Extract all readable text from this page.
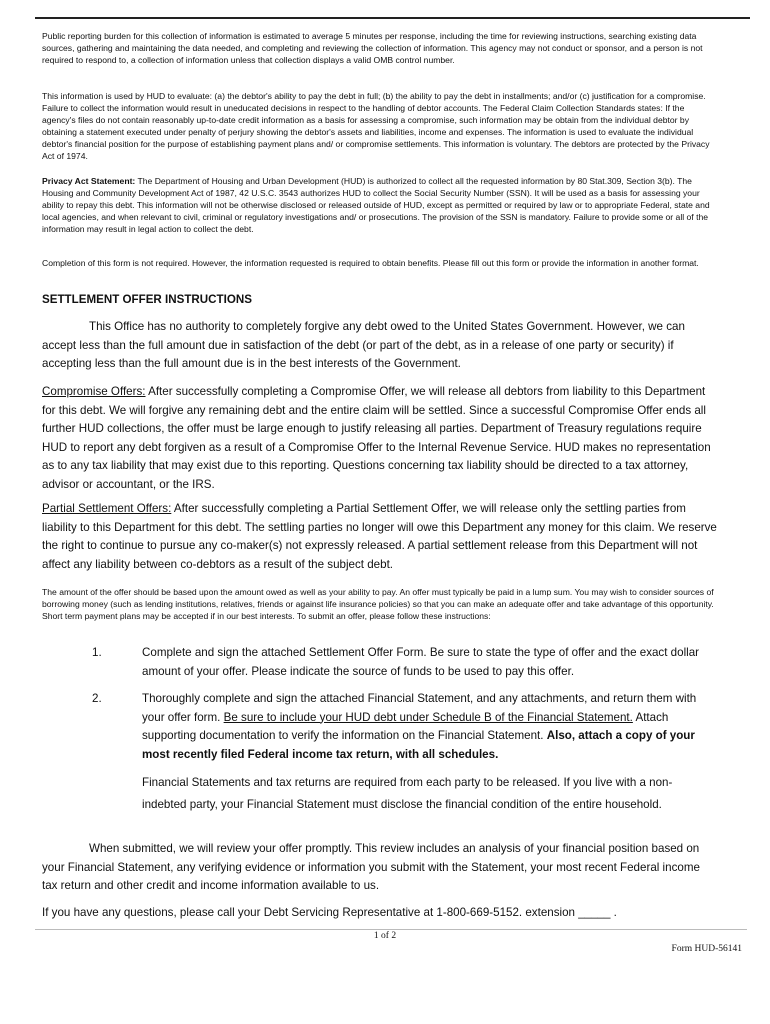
Public reporting burden for this collection of information is estimated to average 5 minutes per response, including the time for reviewing instructions, searching existing data sources, gathering and maintaining the data needed, and completing and reviewing the collection of information. This agency may not conduct or sponsor, and a person is not required to respond to, a collection of information unless that collection displays a valid OMB control number.
This information is used by HUD to evaluate: (a) the debtor's ability to pay the debt in full; (b) the ability to pay the debt in installments; and/or (c) justification for a compromise. Failure to collect the information would result in uneducated decisions in respect to the handling of debtor accounts. The Federal Claim Collection Standards states: If the agency's files do not contain reasonably up-to-date credit information as a basis for assessing a compromise, such information may be obtain from the individual debtor by obtaining a statement executed under penalty of perjury showing the debtor's assets and liabilities, income and expenses. The information is used to evaluate the individual debtor's financial position for the purpose of establishing payment plans and/ or compromise settlements. This information is voluntary. The debtors are protected by the Privacy Act of 1974.
Privacy Act Statement: The Department of Housing and Urban Development (HUD) is authorized to collect all the requested information by 80 Stat.309, Section 3(b). The Housing and Community Development Act of 1987, 42 U.S.C. 3543 authorizes HUD to collect the Social Security Number (SSN). It will be used as a basis for assessing your ability to repay this debt. This information will not be otherwise disclosed or released outside of HUD, except as permitted or required by law or to appropriate Federal, state and local agencies, and when relevant to civil, criminal or regulatory investigations and/ or prosecutions. The provision of the SSN is mandatory. Failure to provide some or all of the information may result in legal action to collect the debt.
Completion of this form is not required. However, the information requested is required to obtain benefits. Please fill out this form or provide the information in another format.
SETTLEMENT OFFER INSTRUCTIONS
This Office has no authority to completely forgive any debt owed to the United States Government. However, we can accept less than the full amount due in satisfaction of the debt (or part of the debt, as in a release of one party or security) if accepting less than the full amount due is in the best interests of the Government.
Compromise Offers: After successfully completing a Compromise Offer, we will release all debtors from liability to this Department for this debt. We will forgive any remaining debt and the entire claim will be settled. Since a successful Compromise Offer ends all further HUD collections, the offer must be large enough to justify releasing all parties. Department of Treasury regulations require HUD to report any debt forgiven as a result of a Compromise Offer to the Internal Revenue Service. HUD makes no representation as to any tax liability that may exist due to this reporting. Questions concerning tax liability should be directed to a tax attorney, advisor or accountant, or the IRS.
Partial Settlement Offers: After successfully completing a Partial Settlement Offer, we will release only the settling parties from liability to this Department for this debt. The settling parties no longer will owe this Department any money for this claim. We reserve the right to continue to pursue any co-maker(s) not expressly released. A partial settlement release from this Department will not affect any liability between co-debtors as a result of the subject debt.
The amount of the offer should be based upon the amount owed as well as your ability to pay. An offer must typically be paid in a lump sum. You may wish to consider sources of borrowing money (such as lending institutions, relatives, friends or against life insurance policies) so that you can make an adequate offer and take advantage of this opportunity. Short term payment plans may be accepted if in our best interests. To submit an offer, please follow these instructions:
1.	Complete and sign the attached Settlement Offer Form. Be sure to state the type of offer and the exact dollar amount of your offer. Please indicate the source of funds to be used to pay this offer.
2.	Thoroughly complete and sign the attached Financial Statement, and any attachments, and return them with your offer form. Be sure to include your HUD debt under Schedule B of the Financial Statement. Attach supporting documentation to verify the information on the Financial Statement. Also, attach a copy of your most recently filed Federal income tax return, with all schedules.
Financial Statements and tax returns are required from each party to be released. If you live with a non-indebted party, your Financial Statement must disclose the financial condition of the entire household.
When submitted, we will review your offer promptly. This review includes an analysis of your financial position based on your Financial Statement, any verifying evidence or information you submit with the Statement, your most recent Federal income tax return and other credit and income information available to us.
If you have any questions, please call your Debt Servicing Representative at 1-800-669-5152. extension _____ .
1 of 2
Form HUD-56141
